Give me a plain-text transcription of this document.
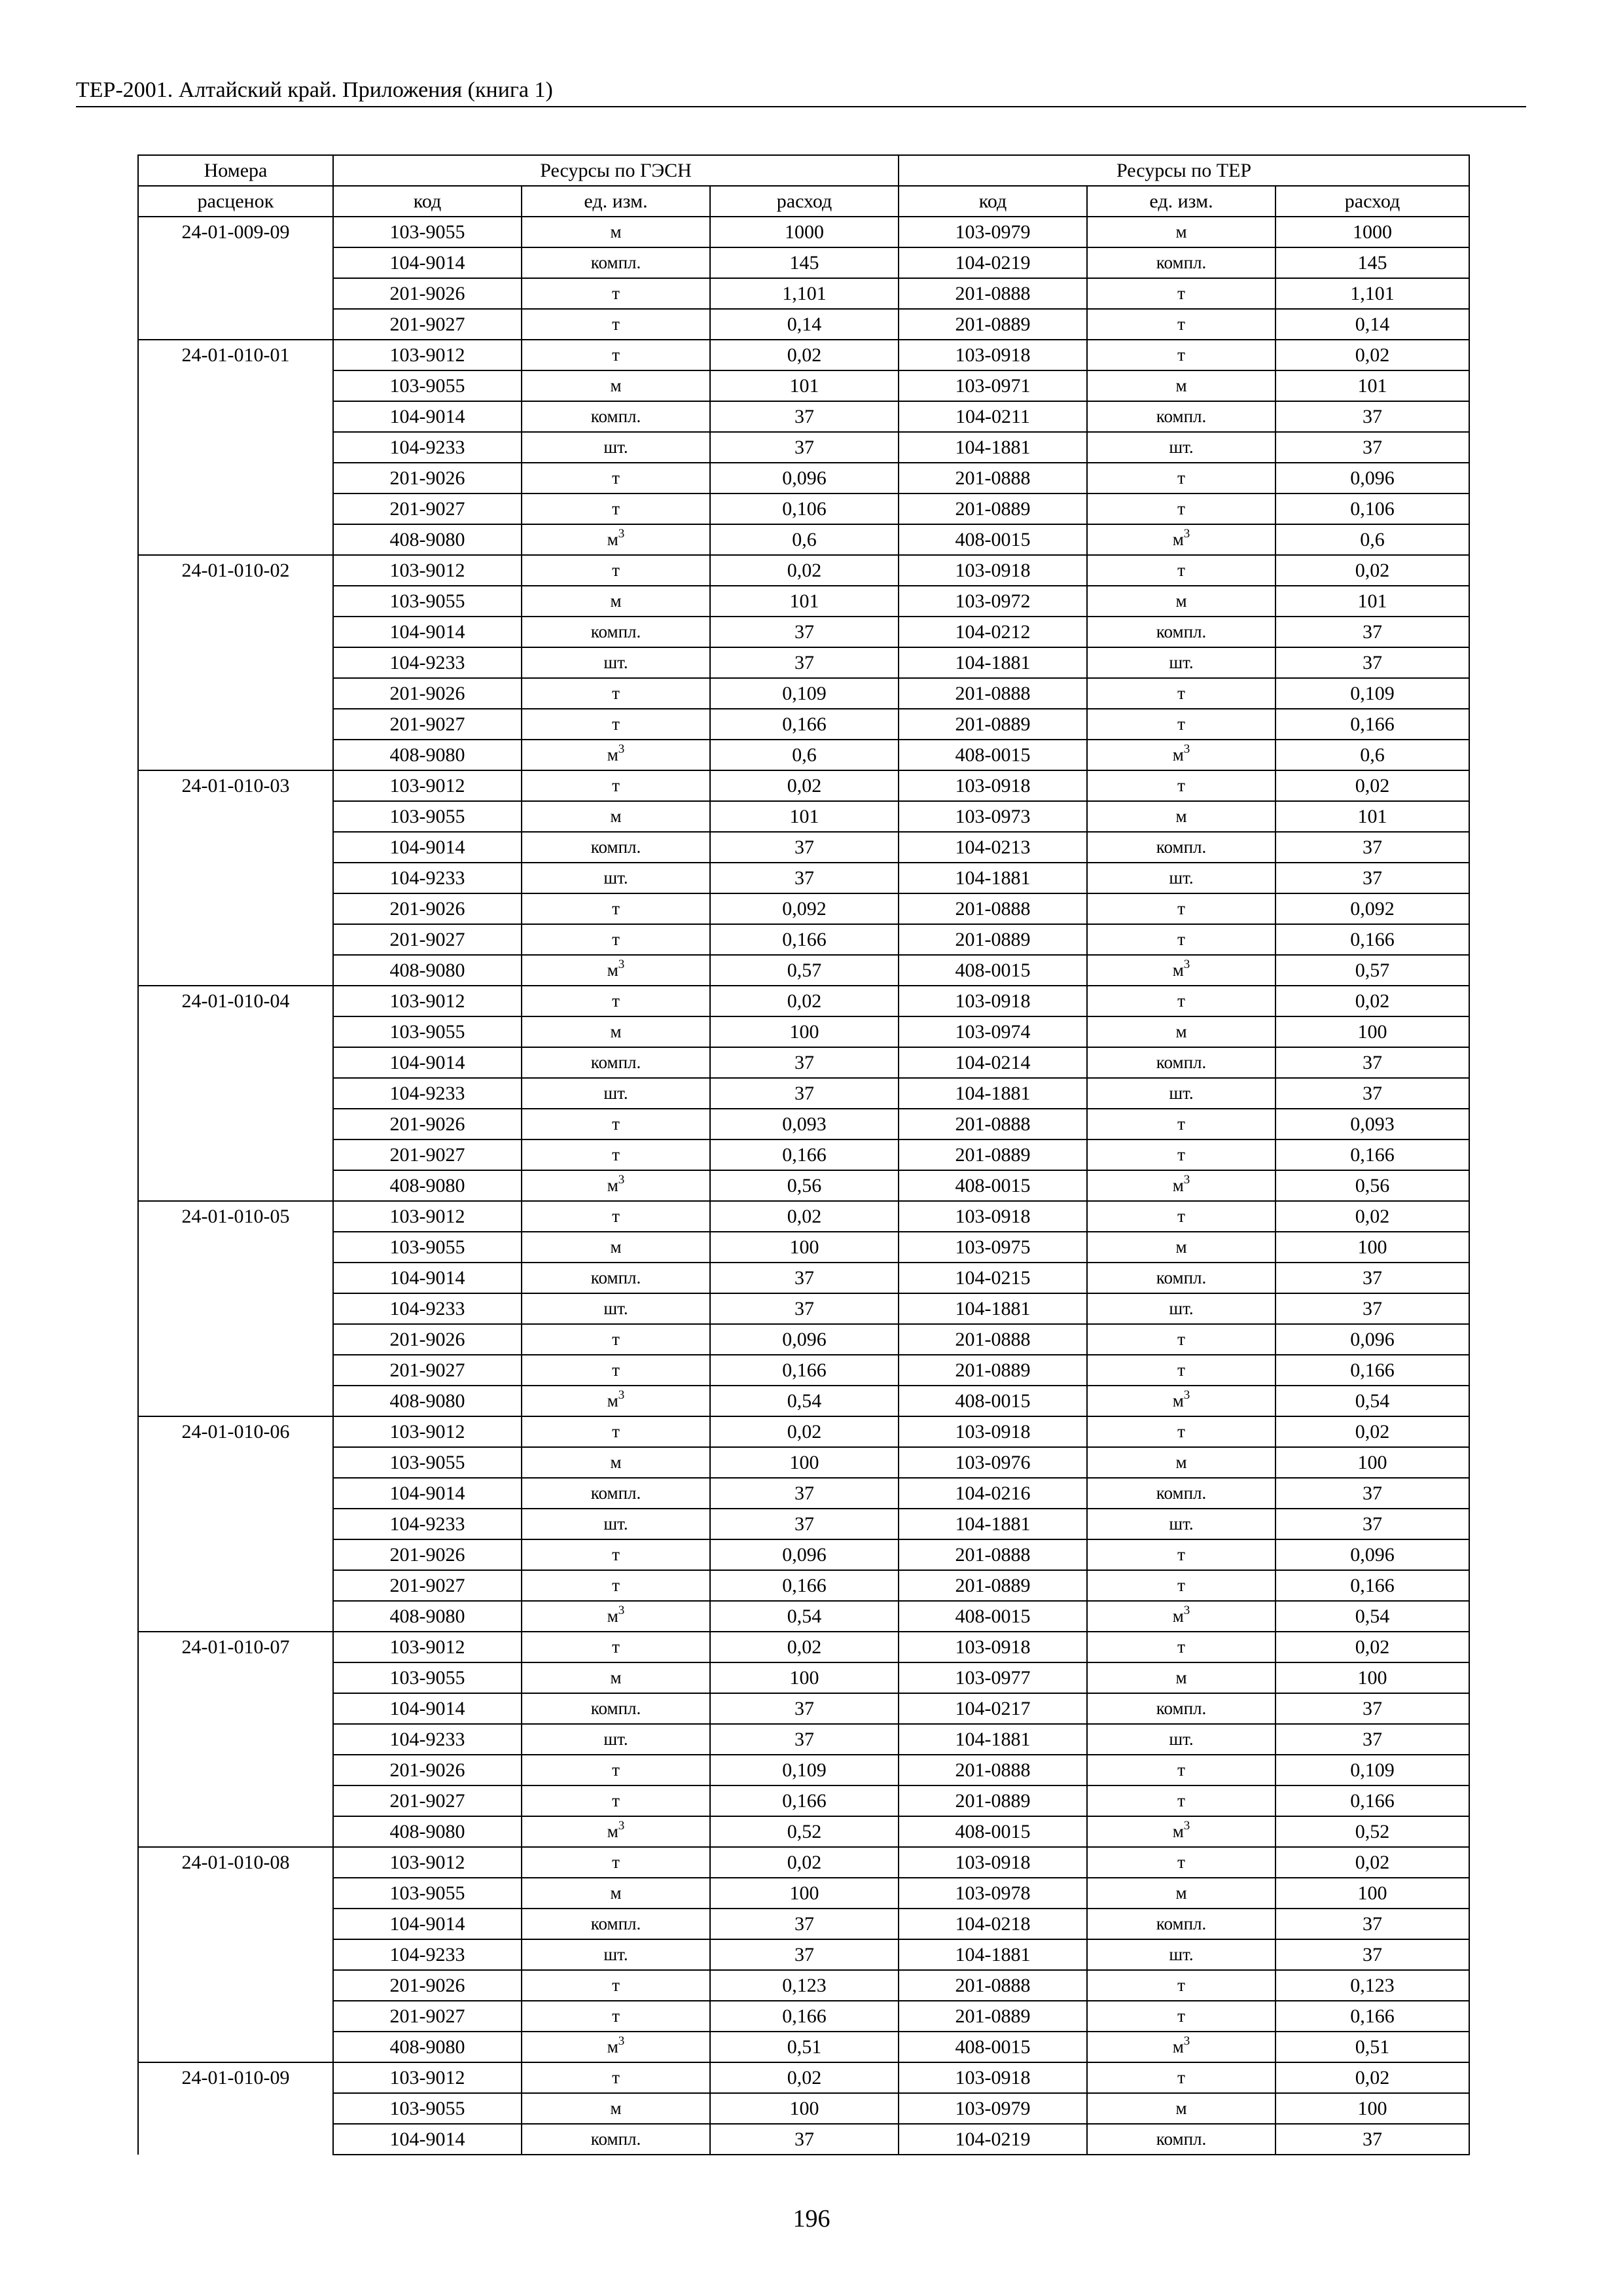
ТЕР-2001. Алтайский край. Приложения (книга 1)
Номера	Ресурсы по ГЭСН			Ресурсы по ТЕР		
расценок	код	ед. изм.	расход	код	ед. изм.	расход
24-01-009-09	103-9055	м	1000	103-0979	м	1000
	104-9014	компл.	145	104-0219	компл.	145
	201-9026	т	1,101	201-0888	т	1,101
	201-9027	т	0,14	201-0889	т	0,14
24-01-010-01	103-9012	т	0,02	103-0918	т	0,02
	103-9055	м	101	103-0971	м	101
	104-9014	компл.	37	104-0211	компл.	37
	104-9233	шт.	37	104-1881	шт.	37
	201-9026	т	0,096	201-0888	т	0,096
	201-9027	т	0,106	201-0889	т	0,106
	408-9080	$м^3$	0,6	408-0015	$м^3$	0,6
24-01-010-02	103-9012	т	0,02	103-0918	т	0,02
	103-9055	м	101	103-0972	м	101
	104-9014	компл.	37	104-0212	компл.	37
	104-9233	шт.	37	104-1881	шт.	37
	201-9026	т	0,109	201-0888	т	0,109
	201-9027	т	0,166	201-0889	т	0,166
	408-9080	$м^3$	0,6	408-0015	$м^3$	0,6
24-01-010-03	103-9012	т	0,02	103-0918	т	0,02
	103-9055	м	101	103-0973	м	101
	104-9014	компл.	37	104-0213	компл.	37
	104-9233	шт.	37	104-1881	шт.	37
	201-9026	т	0,092	201-0888	т	0,092
	201-9027	т	0,166	201-0889	т	0,166
	408-9080	$м^3$	0,57	408-0015	$м^3$	0,57
24-01-010-04	103-9012	т	0,02	103-0918	т	0,02
	103-9055	м	100	103-0974	м	100
	104-9014	компл.	37	104-0214	компл.	37
	104-9233	шт.	37	104-1881	шт.	37
	201-9026	т	0,093	201-0888	т	0,093
	201-9027	т	0,166	201-0889	т	0,166
	408-9080	$м^3$	0,56	408-0015	$м^3$	0,56
24-01-010-05	103-9012	т	0,02	103-0918	т	0,02
	103-9055	м	100	103-0975	м	100
	104-9014	компл.	37	104-0215	компл.	37
	104-9233	шт.	37	104-1881	шт.	37
	201-9026	т	0,096	201-0888	т	0,096
	201-9027	т	0,166	201-0889	т	0,166
	408-9080	$м^3$	0,54	408-0015	$м^3$	0,54
24-01-010-06	103-9012	т	0,02	103-0918	т	0,02
	103-9055	м	100	103-0976	м	100
	104-9014	компл.	37	104-0216	компл.	37
	104-9233	шт.	37	104-1881	шт.	37
	201-9026	т	0,096	201-0888	т	0,096
	201-9027	т	0,166	201-0889	т	0,166
	408-9080	$м^3$	0,54	408-0015	$м^3$	0,54
24-01-010-07	103-9012	т	0,02	103-0918	т	0,02
	103-9055	м	100	103-0977	м	100
	104-9014	компл.	37	104-0217	компл.	37
	104-9233	шт.	37	104-1881	шт.	37
	201-9026	т	0,109	201-0888	т	0,109
	201-9027	т	0,166	201-0889	т	0,166
	408-9080	$м^3$	0,52	408-0015	$м^3$	0,52
24-01-010-08	103-9012	т	0,02	103-0918	т	0,02
	103-9055	м	100	103-0978	м	100
	104-9014	компл.	37	104-0218	компл.	37
	104-9233	шт.	37	104-1881	шт.	37
	201-9026	т	0,123	201-0888	т	0,123
	201-9027	т	0,166	201-0889	т	0,166
	408-9080	$м^3$	0,51	408-0015	$м^3$	0,51
24-01-010-09	103-9012	т	0,02	103-0918	т	0,02
	103-9055	м	100	103-0979	м	100
	104-9014	компл.	37	104-0219	компл.	37
196
